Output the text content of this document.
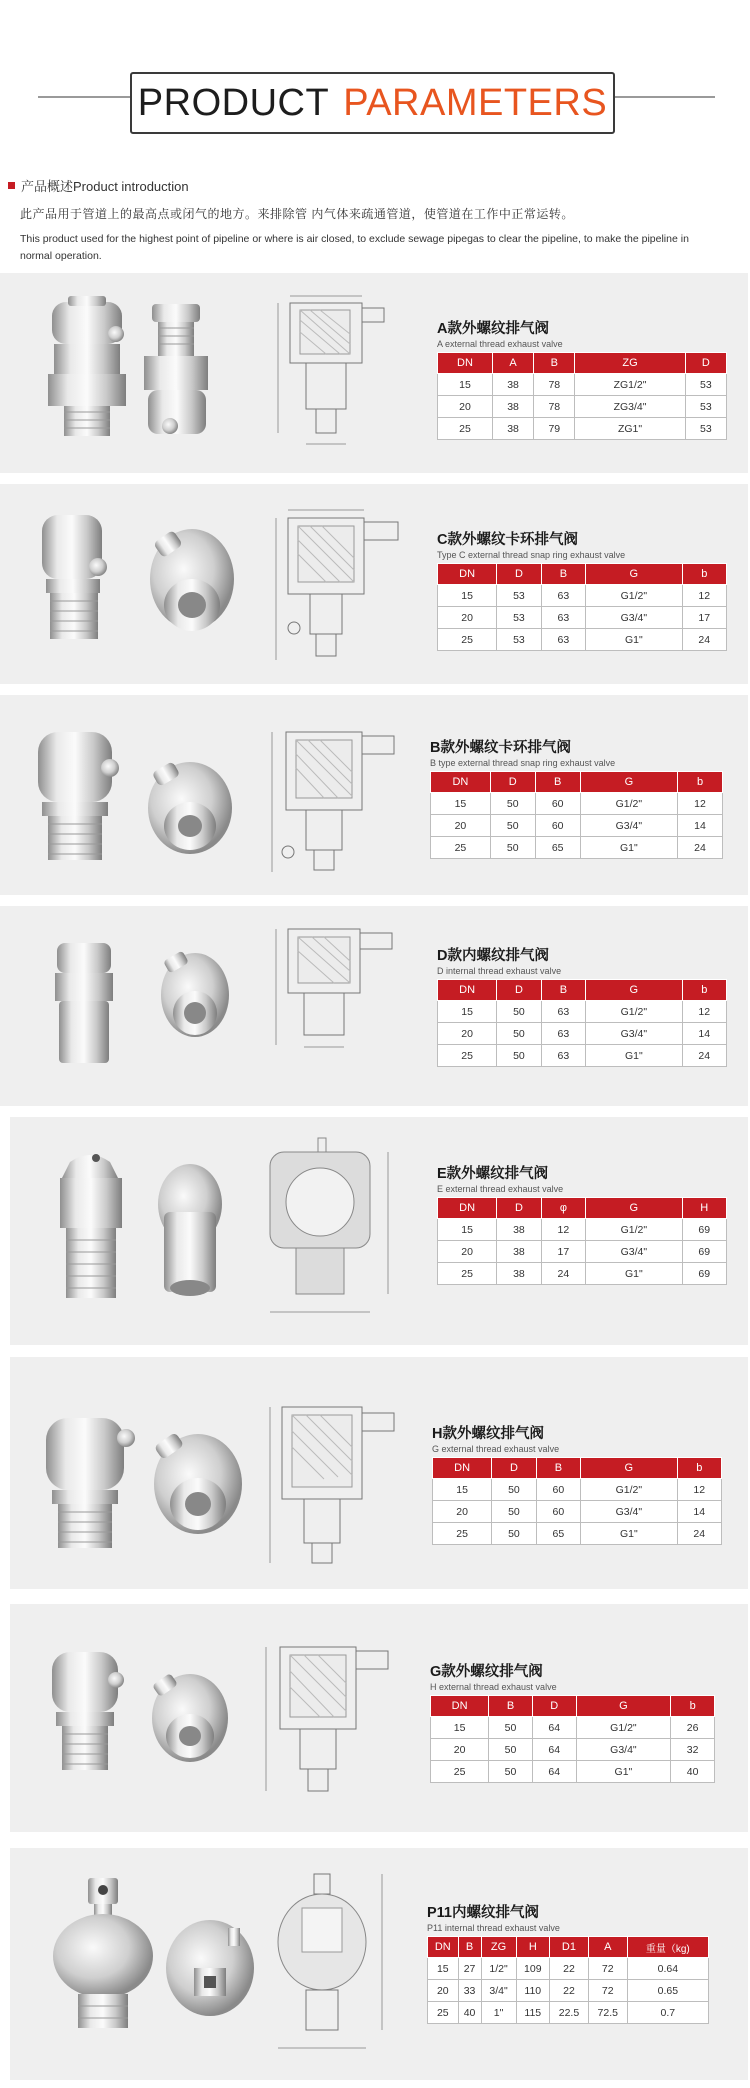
PRODUCT PARAMETERS
产品概述Product introduction
此产品用于管道上的最高点或闭气的地方。来排除管 内气体来疏通管道，使管道在工作中正常运转。
This product used for the highest point of pipeline or where is air closed, to exclude sewage pipegas to clear the pipeline, to make the pipeline in normal operation.
A款外螺纹排气阀
A external thread exhaust valve
DN	A	B	ZG	D
15	38	78	ZG1/2"	53
20	38	78	ZG3/4"	53
25	38	79	ZG1"	53
C款外螺纹卡环排气阀
Type C external thread snap ring exhaust valve
DN	D	B	G	b
15	53	63	G1/2"	12
20	53	63	G3/4"	17
25	53	63	G1"	24
B款外螺纹卡环排气阀
B type external thread snap ring exhaust valve
DN	D	B	G	b
15	50	60	G1/2"	12
20	50	60	G3/4"	14
25	50	65	G1"	24
D款内螺纹排气阀
D internal thread exhaust valve
DN	D	B	G	b
15	50	63	G1/2"	12
20	50	63	G3/4"	14
25	50	63	G1"	24
E款外螺纹排气阀
E external thread exhaust valve
DN	D	φ	G	H
15	38	12	G1/2"	69
20	38	17	G3/4"	69
25	38	24	G1"	69
H款外螺纹排气阀
G external thread exhaust valve
DN	D	B	G	b
15	50	60	G1/2"	12
20	50	60	G3/4"	14
25	50	65	G1"	24
G款外螺纹排气阀
H external thread exhaust valve
DN	B	D	G	b
15	50	64	G1/2"	26
20	50	64	G3/4"	32
25	50	64	G1"	40
P11内螺纹排气阀
P11 internal thread exhaust valve
DN	B	ZG	H	D1	A	重量（kg)
15	27	1/2"	109	22	72	0.64
20	33	3/4"	110	22	72	0.65
25	40	1"	115	22.5	72.5	0.7
